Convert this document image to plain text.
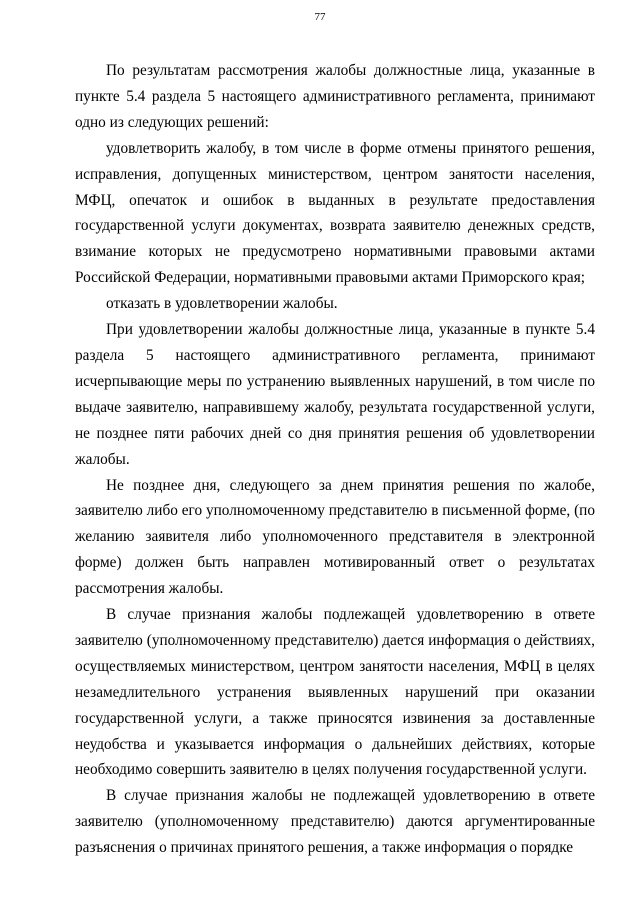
77

По результатам рассмотрения жалобы должностные лица, указанные в пункте 5.4 раздела 5 настоящего административного регламента, принимают одно из следующих решений:

удовлетворить жалобу, в том числе в форме отмены принятого решения, исправления, допущенных министерством, центром занятости населения, МФЦ, опечаток и ошибок в выданных в результате предоставления государственной услуги документах, возврата заявителю денежных средств, взимание которых не предусмотрено нормативными правовыми актами Российской Федерации, нормативными правовыми актами Приморского края;

отказать в удовлетворении жалобы.

При удовлетворении жалобы должностные лица, указанные в пункте 5.4 раздела 5 настоящего административного регламента, принимают исчерпывающие меры по устранению выявленных нарушений, в том числе по выдаче заявителю, направившему жалобу, результата государственной услуги, не позднее пяти рабочих дней со дня принятия решения об удовлетворении жалобы.

Не позднее дня, следующего за днем принятия решения по жалобе, заявителю либо его уполномоченному представителю в письменной форме, (по желанию заявителя либо уполномоченного представителя в электронной форме) должен быть направлен мотивированный ответ о результатах рассмотрения жалобы.

В случае признания жалобы подлежащей удовлетворению в ответе заявителю (уполномоченному представителю) дается информация о действиях, осуществляемых министерством, центром занятости населения, МФЦ в целях незамедлительного устранения выявленных нарушений при оказании государственной услуги, а также приносятся извинения за доставленные неудобства и указывается информация о дальнейших действиях, которые необходимо совершить заявителю в целях получения государственной услуги.

В случае признания жалобы не подлежащей удовлетворению в ответе заявителю (уполномоченному представителю) даются аргументированные разъяснения о причинах принятого решения, а также информация о порядке
